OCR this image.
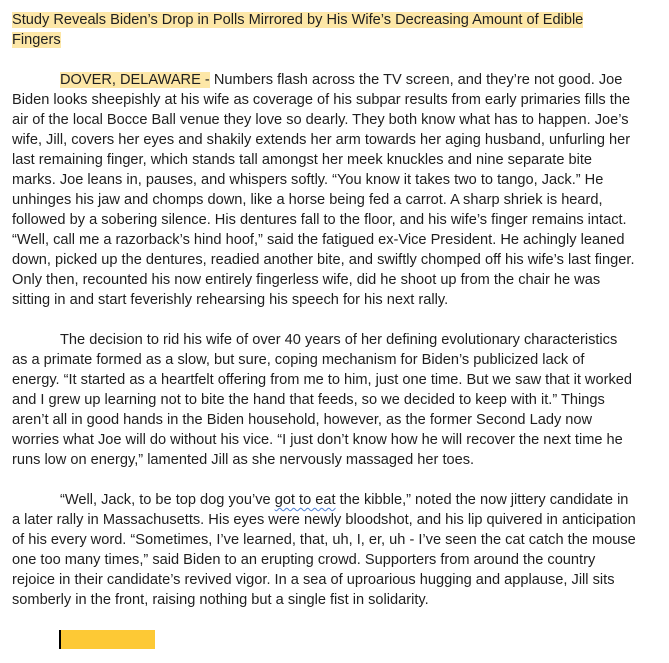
Study Reveals Biden’s Drop in Polls Mirrored by His Wife’s Decreasing Amount of Edible Fingers

DOVER, DELAWARE - Numbers flash across the TV screen, and they’re not good. Joe Biden looks sheepishly at his wife as coverage of his subpar results from early primaries fills the air of the local Bocce Ball venue they love so dearly. They both know what has to happen. Joe’s wife, Jill, covers her eyes and shakily extends her arm towards her aging husband, unfurling her last remaining finger, which stands tall amongst her meek knuckles and nine separate bite marks. Joe leans in, pauses, and whispers softly. “You know it takes two to tango, Jack.” He unhinges his jaw and chomps down, like a horse being fed a carrot. A sharp shriek is heard, followed by a sobering silence. His dentures fall to the floor, and his wife’s finger remains intact. “Well, call me a razorback’s hind hoof,” said the fatigued ex-Vice President. He achingly leaned down, picked up the dentures, readied another bite, and swiftly chomped off his wife’s last finger. Only then, recounted his now entirely fingerless wife, did he shoot up from the chair he was sitting in and start feverishly rehearsing his speech for his next rally.

The decision to rid his wife of over 40 years of her defining evolutionary characteristics as a primate formed as a slow, but sure, coping mechanism for Biden’s publicized lack of energy. “It started as a heartfelt offering from me to him, just one time. But we saw that it worked and I grew up learning not to bite the hand that feeds, so we decided to keep with it.” Things aren’t all in good hands in the Biden household, however, as the former Second Lady now worries what Joe will do without his vice. “I just don’t know how he will recover the next time he runs low on energy,” lamented Jill as she nervously massaged her toes.

“Well, Jack, to be top dog you’ve got to eat the kibble,” noted the now jittery candidate in a later rally in Massachusetts. His eyes were newly bloodshot, and his lip quivered in anticipation of his every word. “Sometimes, I’ve learned, that, uh, I, er, uh - I’ve seen the cat catch the mouse one too many times,” said Biden to an erupting crowd. Supporters from around the country rejoice in their candidate’s revived vigor. In a sea of uproarious hugging and applause, Jill sits somberly in the front, raising nothing but a single fist in solidarity.
